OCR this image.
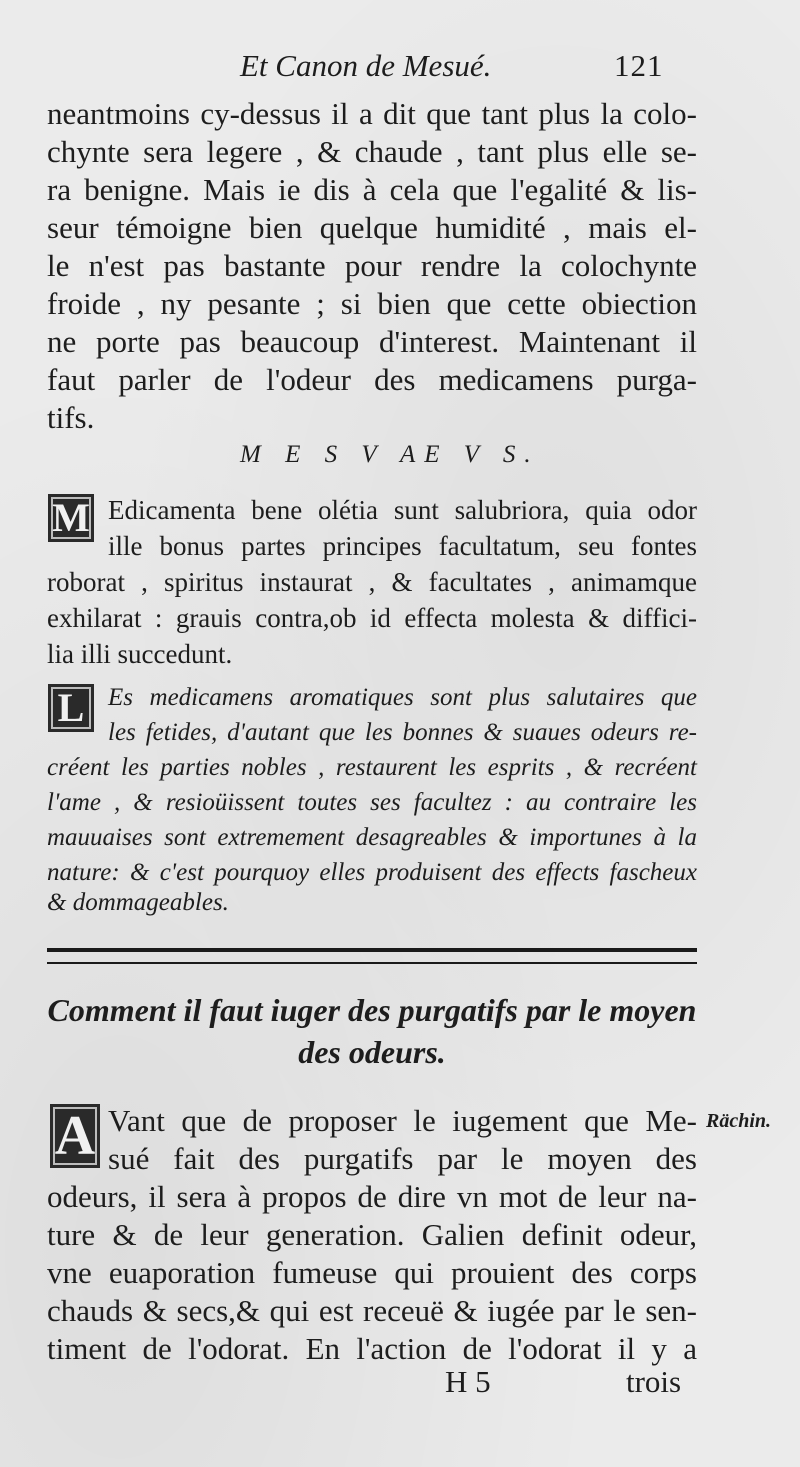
Et Canon de Mesué.	121

neantmoins cy-dessus il a dit que tant plus la colo-

chynte sera legere , & chaude , tant plus elle se-

ra benigne. Mais ie dis à cela que l'egalité & lis-

seur témoigne bien quelque humidité , mais el-

le n'est pas bastante pour rendre la colochynte

froide , ny pesante ; si bien que cette obiection

ne porte pas beaucoup d'interest. Maintenant il

faut parler de l'odeur des medicamens purga-

tifs.

M E S V AE V S.
M Edicamenta bene olétia sunt salubriora, quia odor

ille bonus partes principes facultatum, seu fontes

roborat , spiritus instaurat , & facultates , animamque

exhilarat : grauis contra,ob id effecta molesta & diffici-

lia illi succedunt.

L Es medicamens aromatiques sont plus salutaires que

les fetides, d'autant que les bonnes & suaues odeurs re-

créent les parties nobles , restaurent les esprits , & recréent

l'ame , & resioüissent toutes ses facultez : au contraire les

mauuaises sont extremement desagreables & importunes à la

nature: & c'est pourquoy elles produisent des effects fascheux

& dommageables.

Comment il faut iuger des purgatifs par le moyen

des odeurs.

A	Rächin.

Vant que de proposer le iugement que Me-

sué fait des purgatifs par le moyen des

odeurs, il sera à propos de dire vn mot de leur na-

ture & de leur generation. Galien definit odeur,

vne euaporation fumeuse qui prouient des corps

chauds & secs,& qui est receuë & iugée par le sen-

timent de l'odorat. En l'action de l'odorat il y a

H 5	trois
